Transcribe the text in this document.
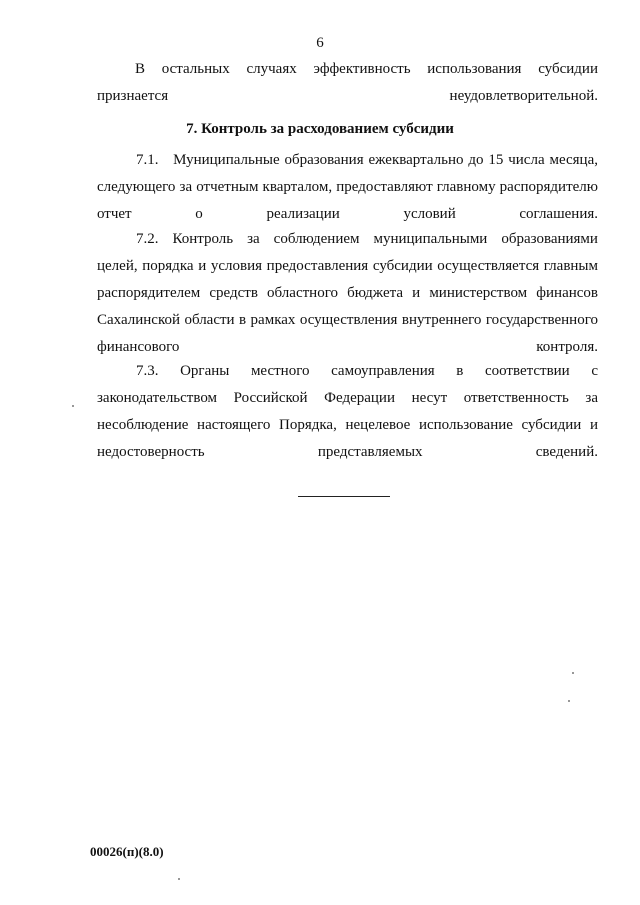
6
В остальных случаях эффективность использования субсидии
признается неудовлетворительной.
7. Контроль за расходованием субсидии
7.1.   Муниципальные образования ежеквартально до 15 числа месяца,
следующего за отчетным кварталом, предоставляют главному распорядителю
отчет о реализации условий соглашения.
7.2. Контроль за соблюдением муниципальными образованиями
целей, порядка и условия предоставления субсидии осуществляется главным
распорядителем средств областного бюджета и министерством финансов
Сахалинской области в рамках осуществления внутреннего государственного
финансового контроля.
7.3. Органы местного самоуправления в соответствии с
законодательством Российской Федерации несут ответственность за
несоблюдение настоящего Порядка, нецелевое использование субсидии и
недостоверность представляемых сведений.
00026(п)(8.0)
